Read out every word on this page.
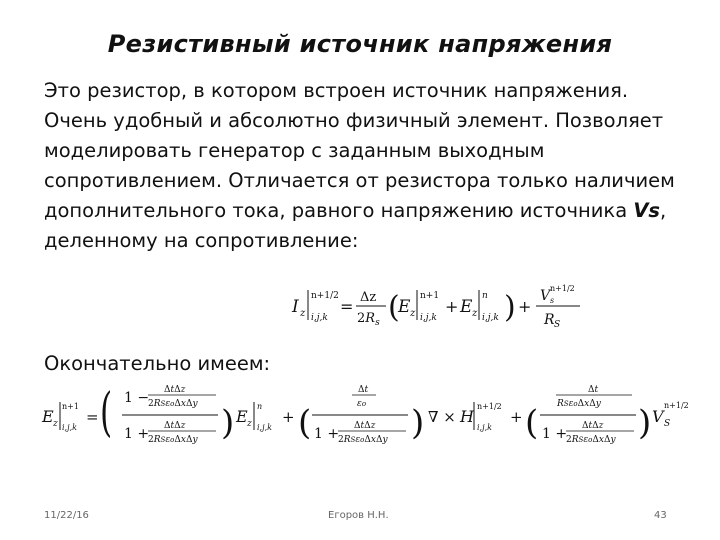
Резистивный источник напряжения
Это резистор, в котором встроен источник напряжения. Очень удобный и абсолютно физичный элемент. Позволяет моделировать генератор с заданным выходным сопротивлением. Отличается от резистора только наличием дополнительного тока, равного напряжению источника Vs, деленному на сопротивление:
I z
n+1/2
i,j,k
= Δz
$2R_s$ (
E z
n+1
i,j,k
+ E z
n
i,j,k ) +
V s
n+1/2
R S
Окончательно имеем:
E z
n+1
i,j,k
= ( 1 − ΔtΔz
2RSεoΔxΔy
1 + ΔtΔz
2RSεoΔxΔy ) E z
n
i,j,k
+ (
Δt
εo
1 + ΔtΔz
2RSεoΔxΔy ) ∇ × H
n+1/2
i,j,k
+ (
Δt
RSεoΔxΔy
1 + ΔtΔz
2RSεoΔxΔy ) V S
n+1/2
11/22/16	Егоров Н.Н.	43
